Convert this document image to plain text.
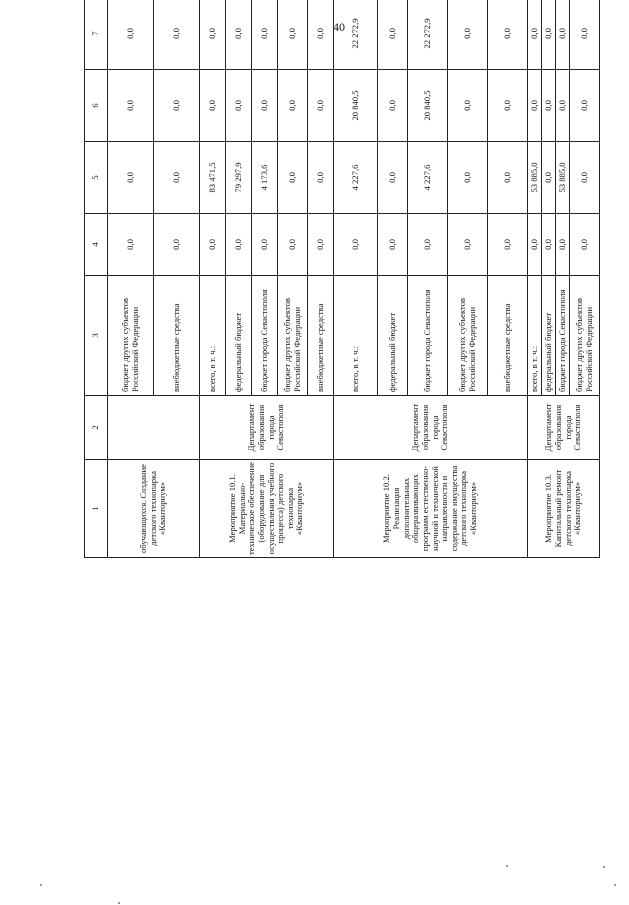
40
1	2	3	4	5	6	7			
обучающихся. Создание детского технопарка «Кванториум»		бюджет других субъектов Российской Федерации	0,0	0,0	0,0	0,0			
		внебюджетные средства	0,0	0,0	0,0	0,0			
Мероприятие 10.1. Материально-техническое обеспечение (оборудование для осуществления учебного процесса) детского технопарка «Кванториум»	Департамент образования города Севастополя	всего, в т. ч.:	0,0	83 471,5	0,0	0,0			
		федеральный бюджет	0,0	79 297,9	0,0	0,0			
		бюджет города Севастополя	0,0	4 173,6	0,0	0,0			
		бюджет других субъектов Российской Федерации	0,0	0,0	0,0	0,0			
		внебюджетные средства	0,0	0,0	0,0	0,0			
Мероприятие 10.2. Реализация дополнительных общеразвивающих программ естественно-научной и технической направленности и содержание имущества детского технопарка «Кванториум»	Департамент образования города Севастополя	всего, в т. ч.:	0,0	4 227,6	20 840,5	22 272,9			
		федеральный бюджет	0,0	0,0	0,0	0,0			
		бюджет города Севастополя	0,0	4 227,6	20 840,5	22 272,9			
		бюджет других субъектов Российской Федерации	0,0	0,0	0,0	0,0			
		внебюджетные средства	0,0	0,0	0,0	0,0			
Мероприятие 10.3. Капитальный ремонт детского технопарка «Кванториум»	Департамент образования города Севастополя	всего, в т. ч.:	0,0	53 885,0	0,0	0,0			
		федеральный бюджет	0,0	0,0	0,0	0,0			
		бюджет города Севастополя	0,0	53 885,0	0,0	0,0			
		бюджет других субъектов Российской Федерации	0,0	0,0	0,0	0,0			
